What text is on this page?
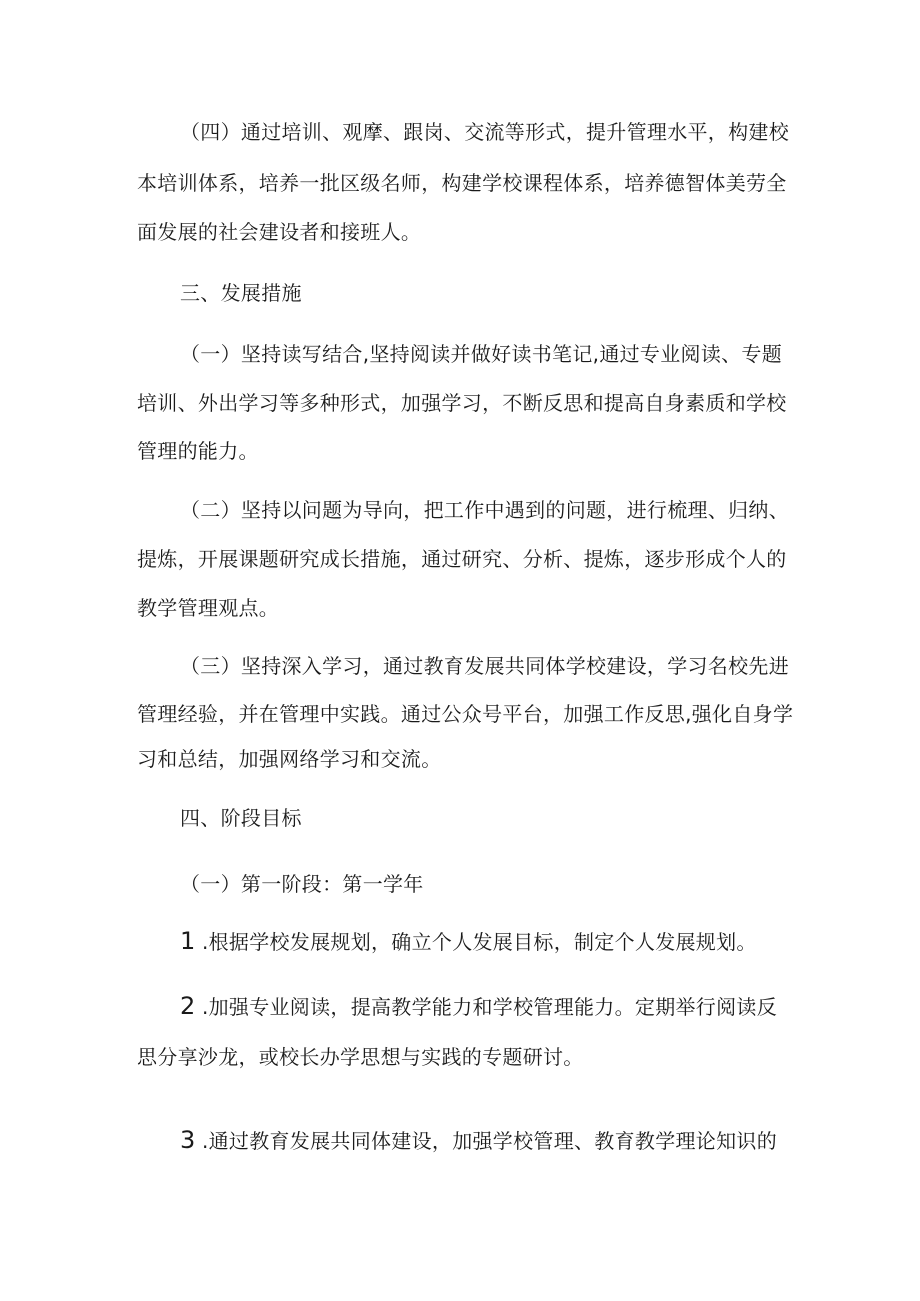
（四）通过培训、观摩、跟岗、交流等形式，提升管理水平，构建校

本培训体系，培养一批区级名师，构建学校课程体系，培养德智体美劳全

面发展的社会建设者和接班人。

三、发展措施

（一）坚持读写结合,坚持阅读并做好读书笔记,通过专业阅读、专题

培训、外出学习等多种形式，加强学习，不断反思和提高自身素质和学校

管理的能力。

（二）坚持以问题为导向，把工作中遇到的问题，进行梳理、归纳、

提炼，开展课题研究成长措施，通过研究、分析、提炼，逐步形成个人的

教学管理观点。

（三）坚持深入学习，通过教育发展共同体学校建设，学习名校先进

管理经验，并在管理中实践。通过公众号平台，加强工作反思,强化自身学

习和总结，加强网络学习和交流。

四、阶段目标

（一）第一阶段：第一学年

1 .根据学校发展规划，确立个人发展目标，制定个人发展规划。

2 .加强专业阅读，提高教学能力和学校管理能力。定期举行阅读反

思分享沙龙，或校长办学思想与实践的专题研讨。

3 .通过教育发展共同体建设，加强学校管理、教育教学理论知识的
